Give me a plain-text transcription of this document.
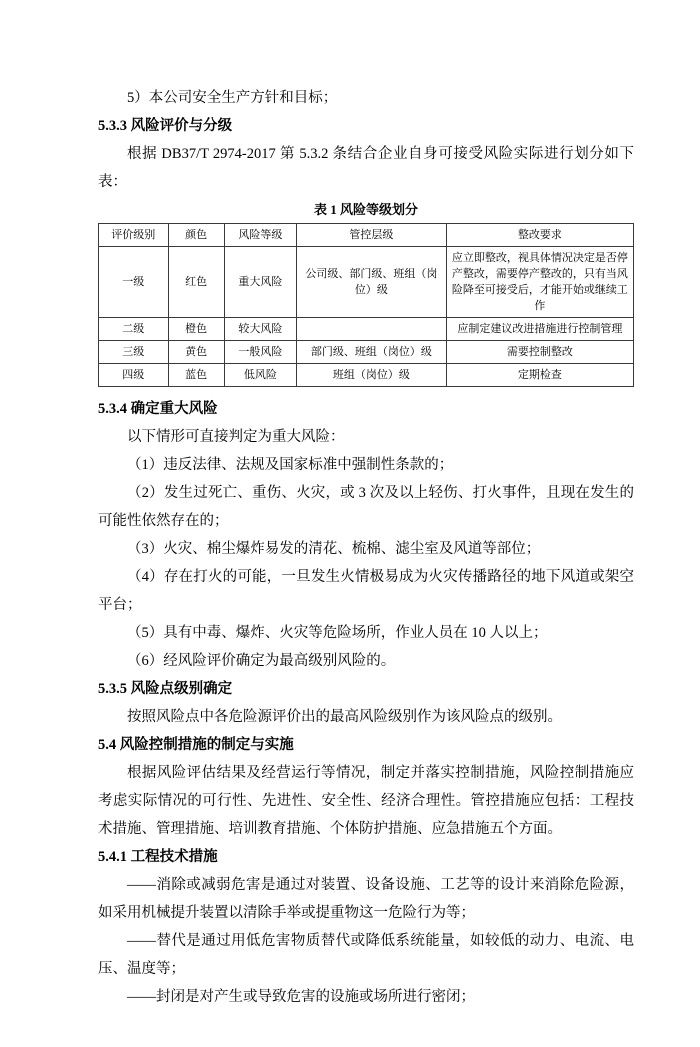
5）本公司安全生产方针和目标；

5.3.3 风险评价与分级

根据 DB37/T 2974-2017 第 5.3.2 条结合企业自身可接受风险实际进行划分如下表：

表 1 风险等级划分
评价级别	颜色	风险等级	管控层级	整改要求
一级	红色	重大风险	公司级、部门级、班组（岗位）级	应立即整改，视具体情况决定是否停产整改，需要停产整改的，只有当风险降至可接受后，才能开始或继续工作
二级	橙色	较大风险		应制定建议改进措施进行控制管理
三级	黄色	一般风险	部门级、班组（岗位）级	需要控制整改
四级	蓝色	低风险	班组（岗位）级	定期检查

5.3.4 确定重大风险

以下情形可直接判定为重大风险：

（1）违反法律、法规及国家标准中强制性条款的；

（2）发生过死亡、重伤、火灾，或 3 次及以上轻伤、打火事件，且现在发生的可能性依然存在的；

（3）火灾、棉尘爆炸易发的清花、梳棉、滤尘室及风道等部位；

（4）存在打火的可能，一旦发生火情极易成为火灾传播路径的地下风道或架空平台；

（5）具有中毒、爆炸、火灾等危险场所，作业人员在 10 人以上；

（6）经风险评价确定为最高级别风险的。

5.3.5 风险点级别确定

按照风险点中各危险源评价出的最高风险级别作为该风险点的级别。

5.4 风险控制措施的制定与实施

根据风险评估结果及经营运行等情况，制定并落实控制措施，风险控制措施应考虑实际情况的可行性、先进性、安全性、经济合理性。管控措施应包括：工程技术措施、管理措施、培训教育措施、个体防护措施、应急措施五个方面。

5.4.1 工程技术措施

——消除或减弱危害是通过对装置、设备设施、工艺等的设计来消除危险源，如采用机械提升装置以清除手举或提重物这一危险行为等；

——替代是通过用低危害物质替代或降低系统能量，如较低的动力、电流、电压、温度等；

——封闭是对产生或导致危害的设施或场所进行密闭；
